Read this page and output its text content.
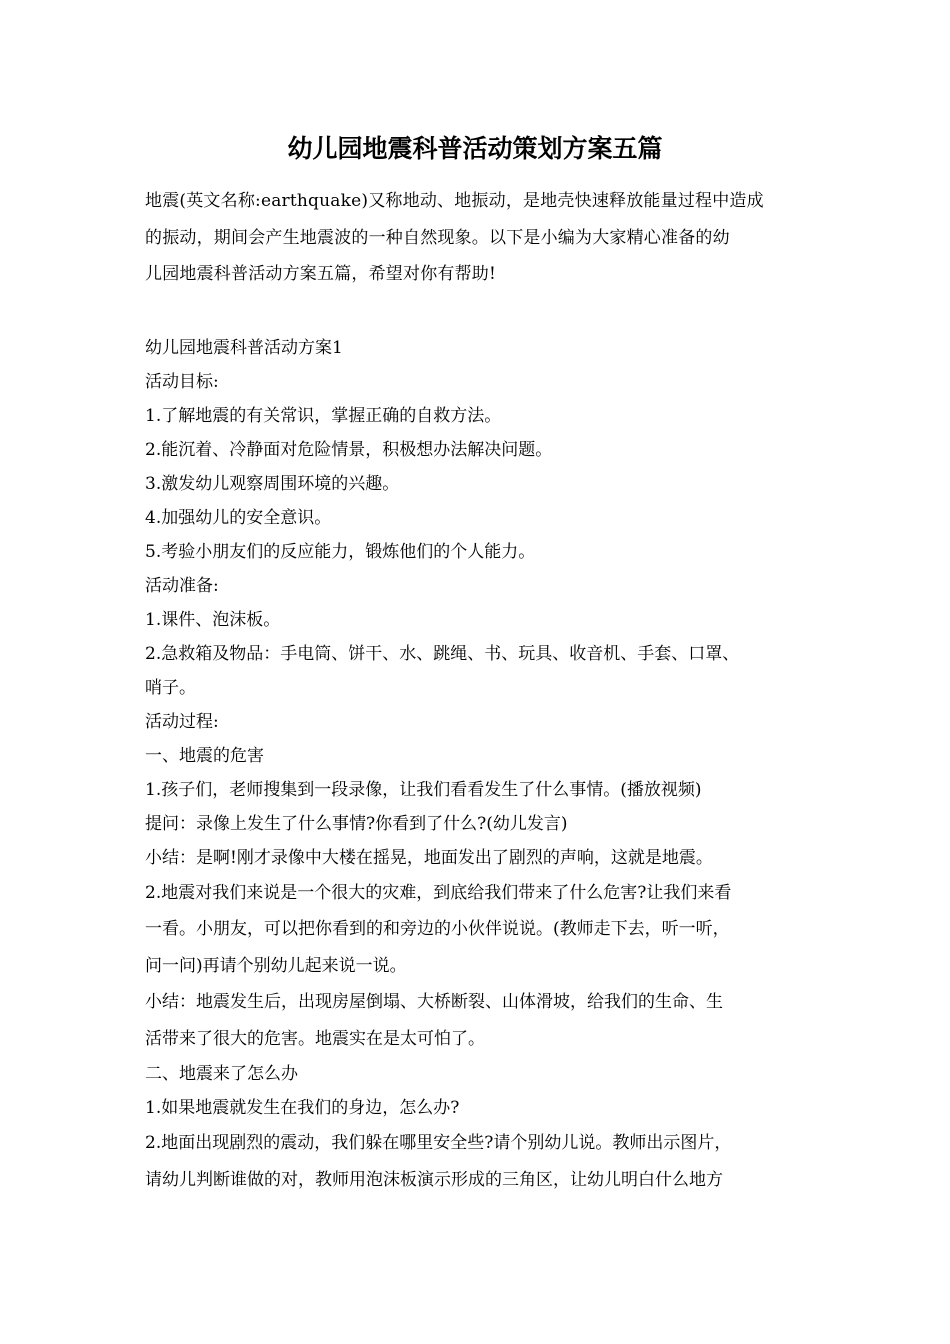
幼儿园地震科普活动策划方案五篇

地震(英文名称:earthquake)又称地动、地振动，是地壳快速释放能量过程中造成

的振动，期间会产生地震波的一种自然现象。以下是小编为大家精心准备的幼

儿园地震科普活动方案五篇，希望对你有帮助!

幼儿园地震科普活动方案1

活动目标:

1.了解地震的有关常识，掌握正确的自救方法。

2.能沉着、冷静面对危险情景，积极想办法解决问题。

3.激发幼儿观察周围环境的兴趣。

4.加强幼儿的安全意识。

5.考验小朋友们的反应能力，锻炼他们的个人能力。

活动准备:

1.课件、泡沫板。

2.急救箱及物品：手电筒、饼干、水、跳绳、书、玩具、收音机、手套、口罩、

哨子。

活动过程:

一、地震的危害

1.孩子们，老师搜集到一段录像，让我们看看发生了什么事情。(播放视频)

提问：录像上发生了什么事情?你看到了什么?(幼儿发言)

小结：是啊!刚才录像中大楼在摇晃，地面发出了剧烈的声响，这就是地震。

2.地震对我们来说是一个很大的灾难，到底给我们带来了什么危害?让我们来看

一看。小朋友，可以把你看到的和旁边的小伙伴说说。(教师走下去，听一听，

问一问)再请个别幼儿起来说一说。

小结：地震发生后，出现房屋倒塌、大桥断裂、山体滑坡，给我们的生命、生

活带来了很大的危害。地震实在是太可怕了。

二、地震来了怎么办

1.如果地震就发生在我们的身边，怎么办?

2.地面出现剧烈的震动，我们躲在哪里安全些?请个别幼儿说。教师出示图片，

请幼儿判断谁做的对，教师用泡沫板演示形成的三角区，让幼儿明白什么地方
